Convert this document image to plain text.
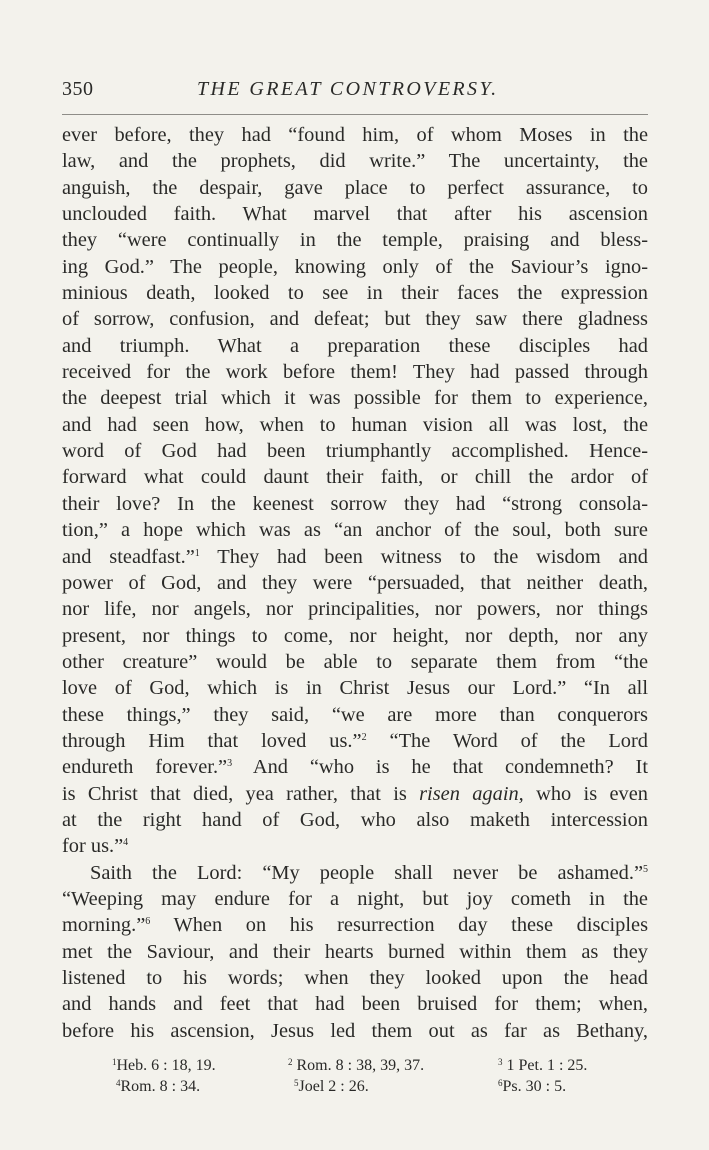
350	THE GREAT CONTROVERSY.
ever before, they had “found him, of whom Moses in the
law, and the prophets, did write.” The uncertainty, the
anguish, the despair, gave place to perfect assurance, to
unclouded faith. What marvel that after his ascension
they “were continually in the temple, praising and bless-
ing God.” The people, knowing only of the Saviour’s igno-
minious death, looked to see in their faces the expression
of sorrow, confusion, and defeat; but they saw there gladness
and triumph. What a preparation these disciples had
received for the work before them! They had passed through
the deepest trial which it was possible for them to experience,
and had seen how, when to human vision all was lost, the
word of God had been triumphantly accomplished. Hence-
forward what could daunt their faith, or chill the ardor of
their love? In the keenest sorrow they had “strong consola-
tion,” a hope which was as “an anchor of the soul, both sure
and steadfast.”$^1$ They had been witness to the wisdom and
power of God, and they were “persuaded, that neither death,
nor life, nor angels, nor principalities, nor powers, nor things
present, nor things to come, nor height, nor depth, nor any
other creature” would be able to separate them from “the
love of God, which is in Christ Jesus our Lord.” “In all
these things,” they said, “we are more than conquerors
through Him that loved us.”$^2$ “The Word of the Lord
endureth forever.”$^3$ And “who is he that condemneth? It
is Christ that died, yea rather, that is risen again, who is even
at the right hand of God, who also maketh intercession
for us.”$^4$
Saith the Lord: “My people shall never be ashamed.”$^5$
“Weeping may endure for a night, but joy cometh in the
morning.”$^6$ When on his resurrection day these disciples
met the Saviour, and their hearts burned within them as they
listened to his words; when they looked upon the head
and hands and feet that had been bruised for them; when,
before his ascension, Jesus led them out as far as Bethany,
$^1$Heb. 6 : 18, 19.	$^2$ Rom. 8 : 38, 39, 37.	$^3$ 1 Pet. 1 : 25.
$^4$Rom. 8 : 34.	$^5$Joel 2 : 26.	$^6$Ps. 30 : 5.
